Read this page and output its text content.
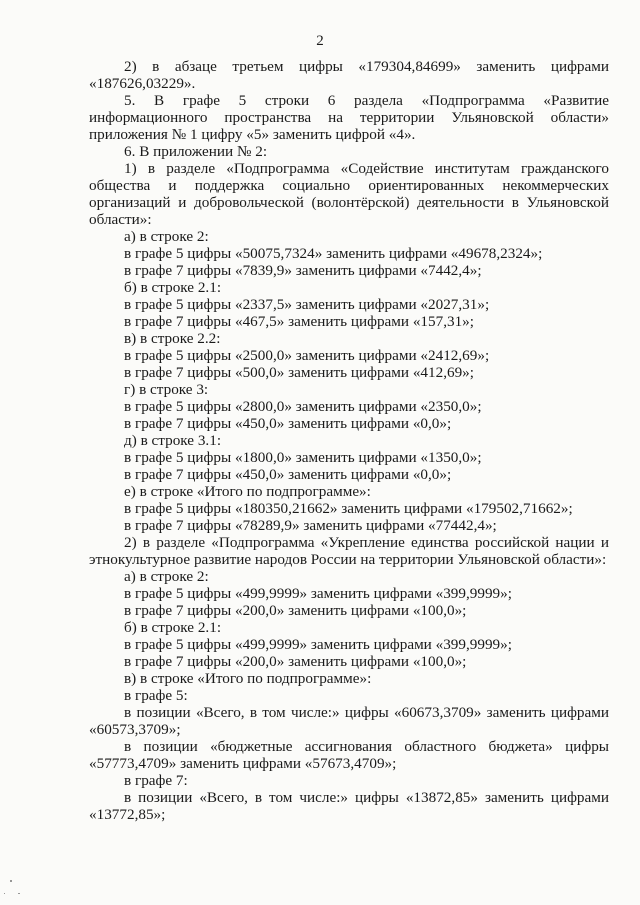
2

2) в абзаце третьем цифры «179304,84699» заменить цифрами «187626,03229».

5. В графе 5 строки 6 раздела «Подпрограмма «Развитие информационного пространства на территории Ульяновской области» приложения № 1 цифру «5» заменить цифрой «4».

6. В приложении № 2:

1) в разделе «Подпрограмма «Содействие институтам гражданского общества и поддержка социально ориентированных некоммерческих организаций и добровольческой (волонтёрской) деятельности в Ульяновской области»:

а) в строке 2:

в графе 5 цифры «50075,7324» заменить цифрами «49678,2324»;

в графе 7 цифры «7839,9» заменить цифрами «7442,4»;

б) в строке 2.1:

в графе 5 цифры «2337,5» заменить цифрами «2027,31»;

в графе 7 цифры «467,5» заменить цифрами «157,31»;

в) в строке 2.2:

в графе 5 цифры «2500,0» заменить цифрами «2412,69»;

в графе 7 цифры «500,0» заменить цифрами «412,69»;

г) в строке 3:

в графе 5 цифры «2800,0» заменить цифрами «2350,0»;

в графе 7 цифры «450,0» заменить цифрами «0,0»;

д) в строке 3.1:

в графе 5 цифры «1800,0» заменить цифрами «1350,0»;

в графе 7 цифры «450,0» заменить цифрами «0,0»;

е) в строке «Итого по подпрограмме»:

в графе 5 цифры «180350,21662» заменить цифрами «179502,71662»;

в графе 7 цифры «78289,9» заменить цифрами «77442,4»;

2) в разделе «Подпрограмма «Укрепление единства российской нации и этнокультурное развитие народов России на территории Ульяновской области»:

а) в строке 2:

в графе 5 цифры «499,9999» заменить цифрами «399,9999»;

в графе 7 цифры «200,0» заменить цифрами «100,0»;

б) в строке 2.1:

в графе 5 цифры «499,9999» заменить цифрами «399,9999»;

в графе 7 цифры «200,0» заменить цифрами «100,0»;

в) в строке «Итого по подпрограмме»:

в графе 5:

в позиции «Всего, в том числе:» цифры «60673,3709» заменить цифрами «60573,3709»;

в позиции «бюджетные ассигнования областного бюджета» цифры «57773,4709» заменить цифрами «57673,4709»;

в графе 7:

в позиции «Всего, в том числе:» цифры «13872,85» заменить цифрами «13772,85»;
